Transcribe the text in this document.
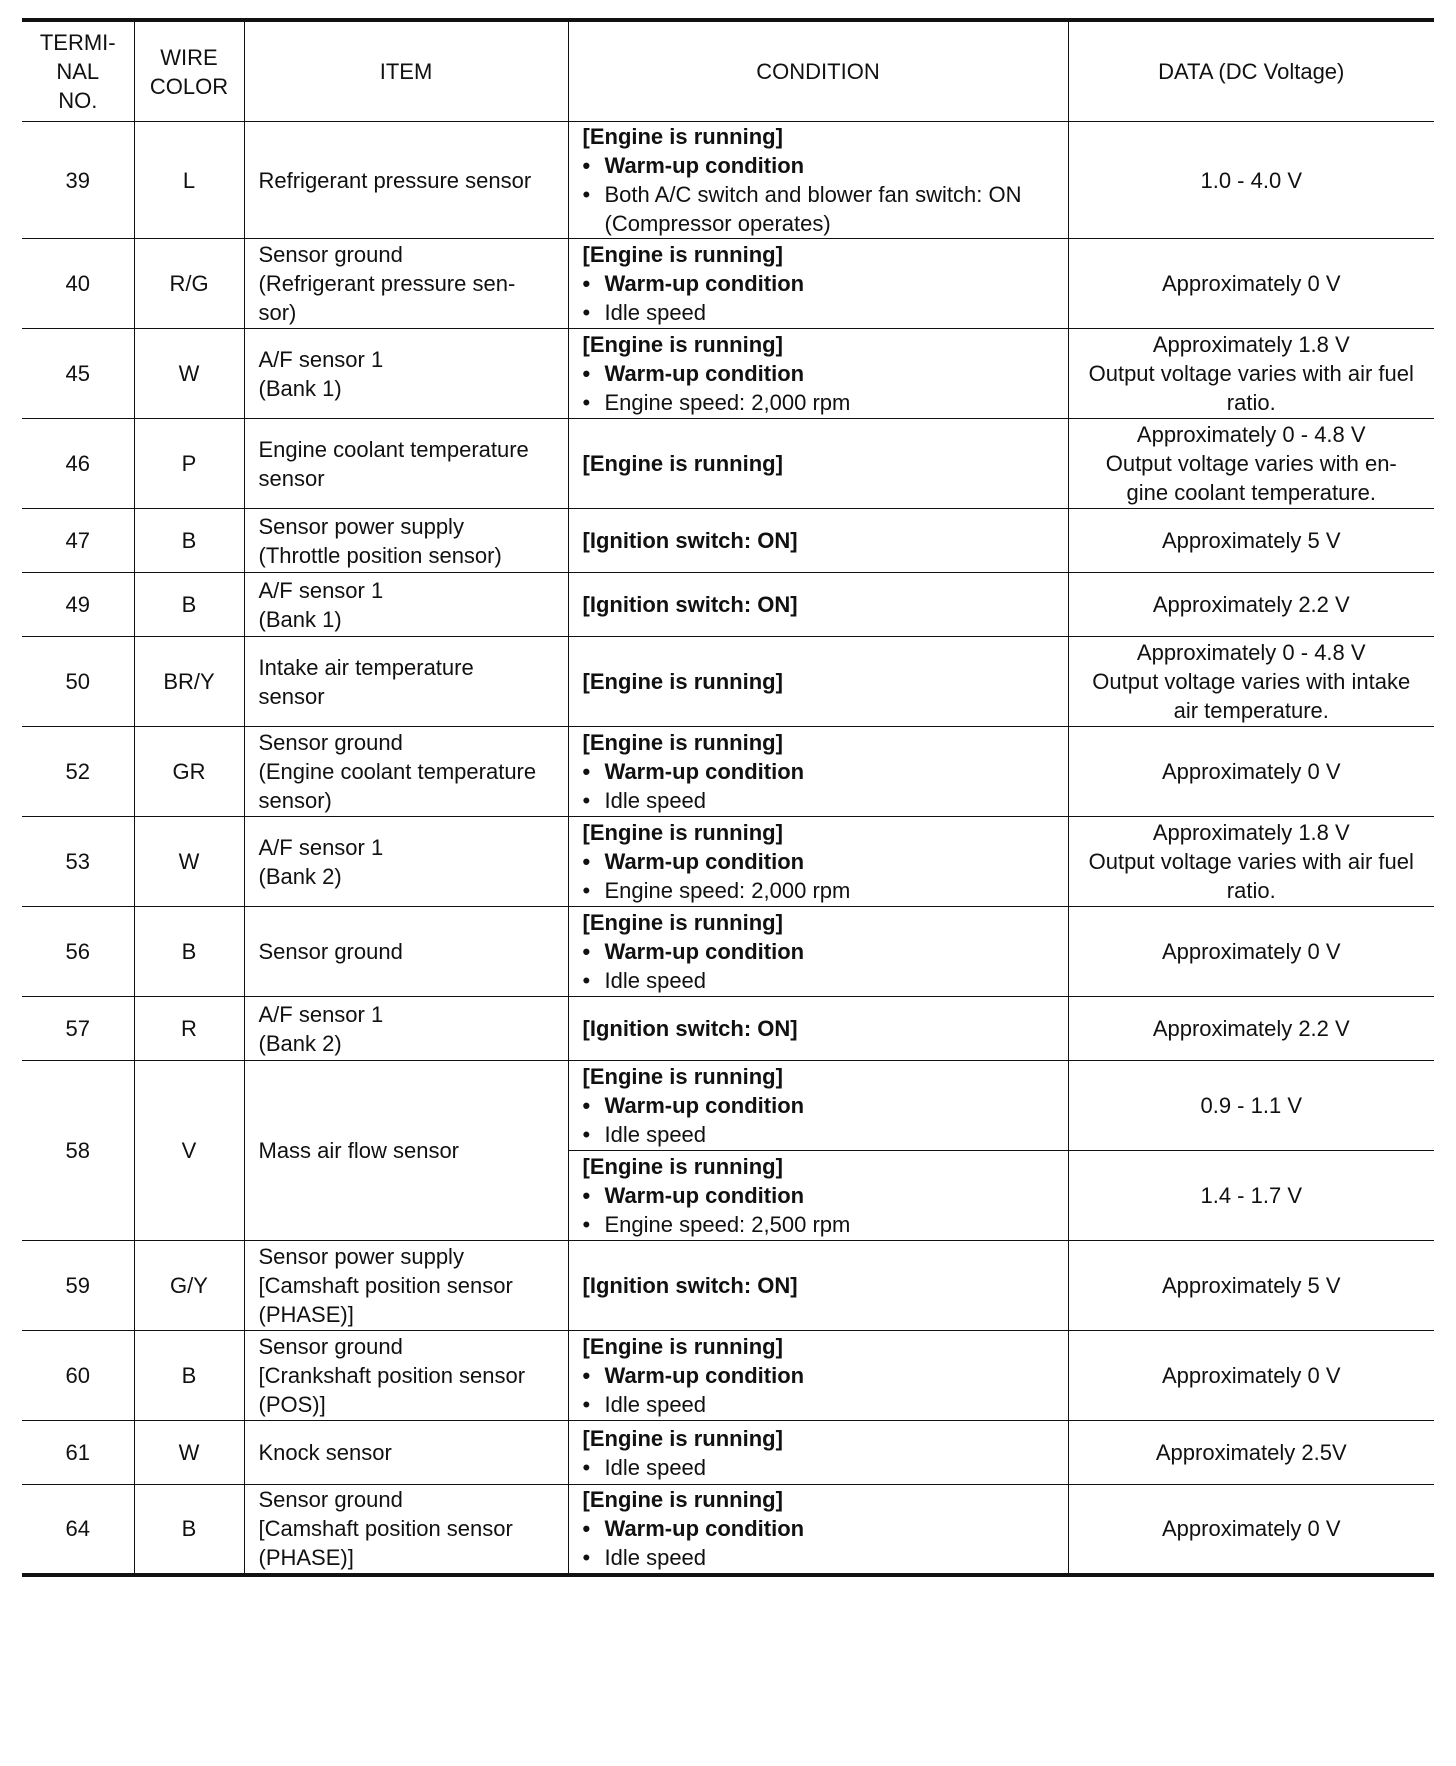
TERMI-
NAL
NO.	WIRE
COLOR	ITEM	CONDITION	DATA (DC Voltage)
39	L	Refrigerant pressure sensor	[Engine is running]
• Warm-up condition
• Both A/C switch and blower fan switch: ON (Compressor operates)	1.0 - 4.0 V

40	R/G	Sensor ground
(Refrigerant pressure sen-
sor)	[Engine is running]
• Warm-up condition
• Idle speed	Approximately 0 V

45	W	A/F sensor 1
(Bank 1)	[Engine is running]
• Warm-up condition
• Engine speed: 2,000 rpm	Approximately 1.8 V
Output voltage varies with air fuel
ratio.

46	P	Engine coolant temperature
sensor	[Engine is running]	Approximately 0 - 4.8 V
Output voltage varies with en-
gine coolant temperature.

47	B	Sensor power supply
(Throttle position sensor)	[Ignition switch: ON]	Approximately 5 V

49	B	A/F sensor 1
(Bank 1)	[Ignition switch: ON]	Approximately 2.2 V

50	BR/Y	Intake air temperature
sensor	[Engine is running]	Approximately 0 - 4.8 V
Output voltage varies with intake
air temperature.

52	GR	Sensor ground
(Engine coolant temperature
sensor)	[Engine is running]
• Warm-up condition
• Idle speed	Approximately 0 V

53	W	A/F sensor 1
(Bank 2)	[Engine is running]
• Warm-up condition
• Engine speed: 2,000 rpm	Approximately 1.8 V
Output voltage varies with air fuel
ratio.

56	B	Sensor ground	[Engine is running]
• Warm-up condition
• Idle speed	Approximately 0 V

57	R	A/F sensor 1
(Bank 2)	[Ignition switch: ON]	Approximately 2.2 V

58	V	Mass air flow sensor	[Engine is running]
• Warm-up condition
• Idle speed	0.9 - 1.1 V

			[Engine is running]
• Warm-up condition
• Engine speed: 2,500 rpm	1.4 - 1.7 V

59	G/Y	Sensor power supply
[Camshaft position sensor
(PHASE)]	[Ignition switch: ON]	Approximately 5 V

60	B	Sensor ground
[Crankshaft position sensor
(POS)]	[Engine is running]
• Warm-up condition
• Idle speed	Approximately 0 V

61	W	Knock sensor	[Engine is running]
• Idle speed	Approximately 2.5V

64	B	Sensor ground
[Camshaft position sensor
(PHASE)]	[Engine is running]
• Warm-up condition
• Idle speed	Approximately 0 V
